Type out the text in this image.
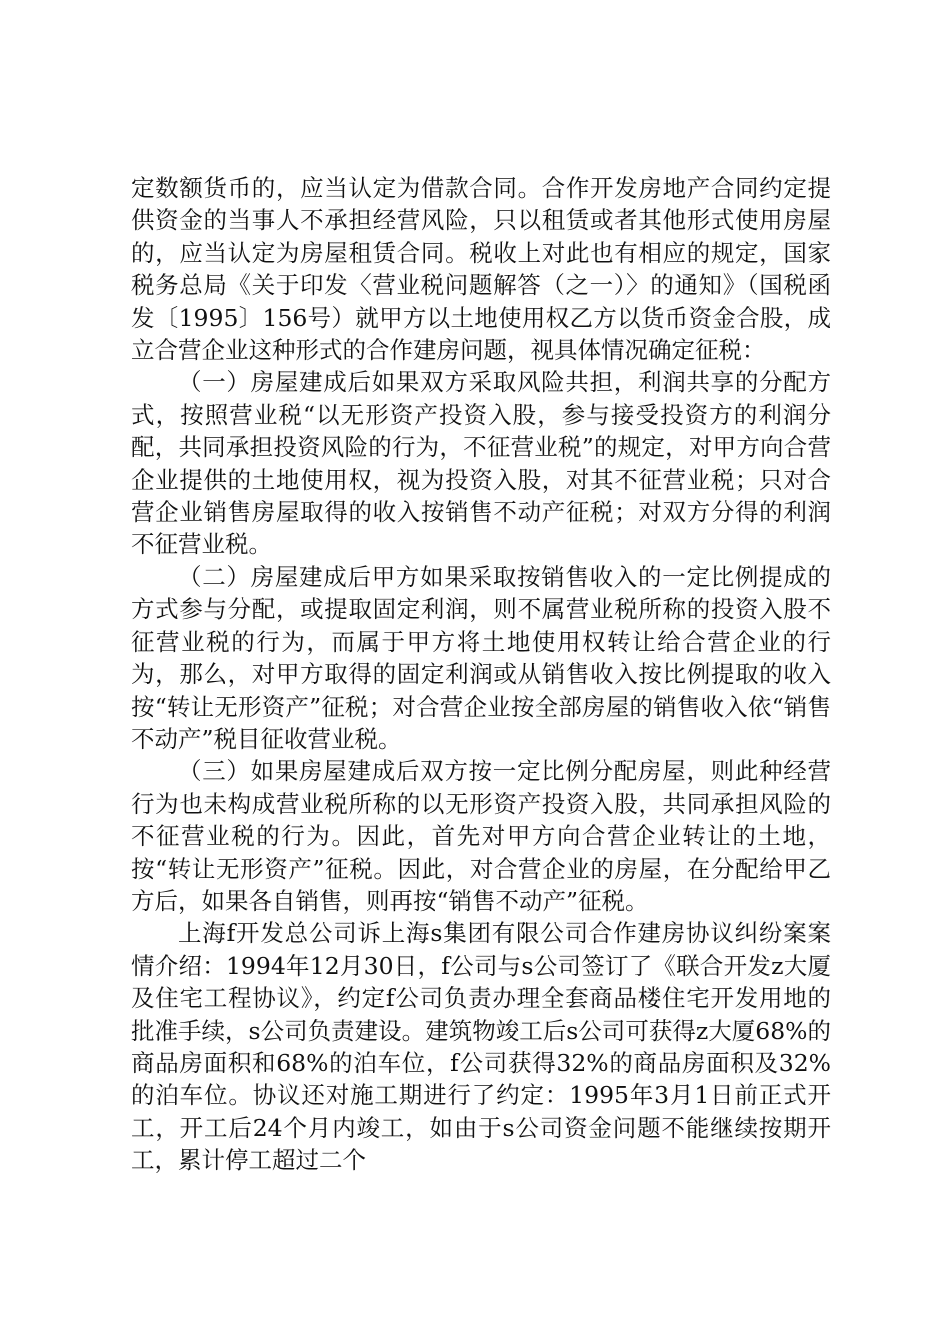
定数额货币的，应当认定为借款合同。合作开发房地产合同约定提供资金的当事人不承担经营风险，只以租赁或者其他形式使用房屋的，应当认定为房屋租赁合同。税收上对此也有相应的规定，国家税务总局《关于印发〈营业税问题解答（之一）〉的通知》（国税函发〔1995〕156号）就甲方以土地使用权乙方以货币资金合股，成立合营企业这种形式的合作建房问题，视具体情况确定征税：

（一）房屋建成后如果双方采取风险共担，利润共享的分配方式，按照营业税“以无形资产投资入股，参与接受投资方的利润分配，共同承担投资风险的行为，不征营业税”的规定，对甲方向合营企业提供的土地使用权，视为投资入股，对其不征营业税；只对合营企业销售房屋取得的收入按销售不动产征税；对双方分得的利润不征营业税。

（二）房屋建成后甲方如果采取按销售收入的一定比例提成的方式参与分配，或提取固定利润，则不属营业税所称的投资入股不征营业税的行为，而属于甲方将土地使用权转让给合营企业的行为，那么，对甲方取得的固定利润或从销售收入按比例提取的收入按“转让无形资产”征税；对合营企业按全部房屋的销售收入依“销售不动产”税目征收营业税。

（三）如果房屋建成后双方按一定比例分配房屋，则此种经营行为也未构成营业税所称的以无形资产投资入股，共同承担风险的不征营业税的行为。因此，首先对甲方向合营企业转让的土地，按“转让无形资产”征税。因此，对合营企业的房屋，在分配给甲乙方后，如果各自销售，则再按“销售不动产”征税。

上海f开发总公司诉上海s集团有限公司合作建房协议纠纷案案情介绍：1994年12月30日，f公司与s公司签订了《联合开发z大厦及住宅工程协议》，约定f公司负责办理全套商品楼住宅开发用地的批准手续，s公司负责建设。建筑物竣工后s公司可获得z大厦68%的商品房面积和68%的泊车位，f公司获得32%的商品房面积及32%的泊车位。协议还对施工期进行了约定：1995年3月1日前正式开工，开工后24个月内竣工，如由于s公司资金问题不能继续按期开工，累计停工超过二个
